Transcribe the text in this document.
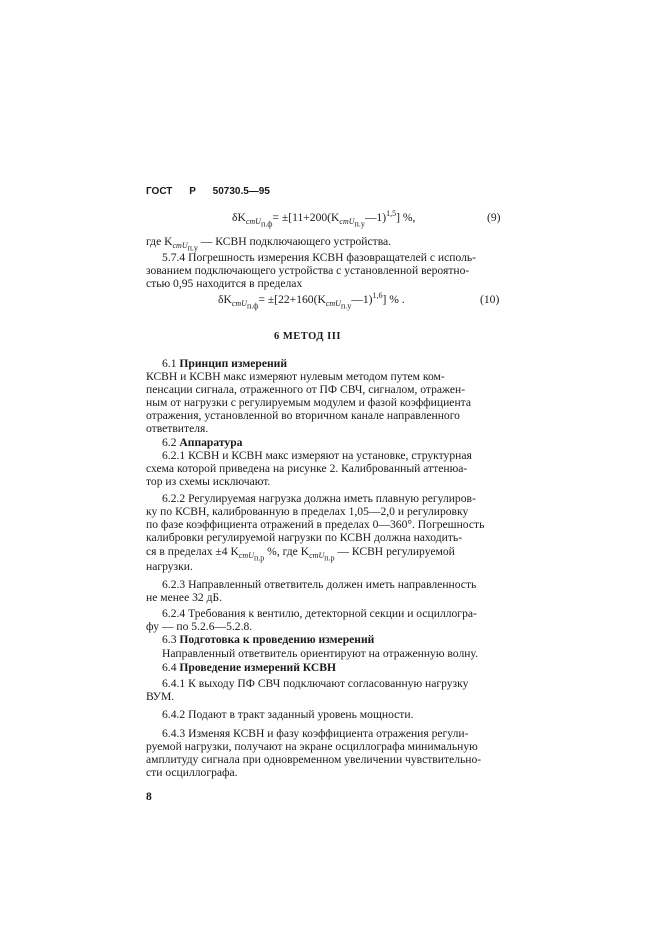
ГОСТ Р 50730.5—95
$\delta K_{стU_{п.ф}}=$ $\pm[11+200(K_{стU_{п.у}}—1)^{1,5}]$ %,	(9)
где $K_{стU_{п.у}}$ — КСВН подключающего устройства.
5.7.4 Погрешность измерения КСВН фазовращателей с исполь-
зованием подключающего устройства с установленной вероятно-
стью 0,95 находится в пределах
$\delta K_{стU_{п.ф}}=$ $\pm[22+160(K_{стU_{п.у}}—1)^{1,6}]$ % .	(10)
6 МЕТОД III
6.1 Принцип измерений
КСВН и КСВН макс измеряют нулевым методом путем ком-
пенсации сигнала, отраженного от ПФ СВЧ, сигналом, отражен-
ным от нагрузки с регулируемым модулем и фазой коэффициента
отражения, установленной во вторичном канале направленного
ответвителя.
6.2 Аппаратура
6.2.1 КСВН и КСВН макс измеряют на установке, структурная
схема которой приведена на рисунке 2. Калиброванный аттенюа-
тор из схемы исключают.
6.2.2 Регулируемая нагрузка должна иметь плавную регулиров-
ку по КСВН, калиброванную в пределах 1,05—2,0 и регулировку
по фазе коэффициента отражений в пределах 0—360°. Погрешность
калибровки регулируемой нагрузки по КСВН должна находить-
ся в пределах ±4 $K_{стU_{п.р}}$ %, где $K_{стU_{п.р}}$ — КСВН регулируемой
нагрузки.
6.2.3 Направленный ответвитель должен иметь направленность
не менее 32 дБ.
6.2.4 Требования к вентилю, детекторной секции и осциллогра-
фу — по 5.2.6—5.2.8.
6.3 Подготовка к проведению измерений
Направленный ответвитель ориентируют на отраженную волну.
6.4 Проведение измерений КСВН
6.4.1 К выходу ПФ СВЧ подключают согласованную нагрузку
ВУМ.
6.4.2 Подают в тракт заданный уровень мощности.
6.4.3 Изменяя КСВН и фазу коэффициента отражения регули-
руемой нагрузки, получают на экране осциллографа минимальную
амплитуду сигнала при одновременном увеличении чувствительно-
сти осциллографа.
8
